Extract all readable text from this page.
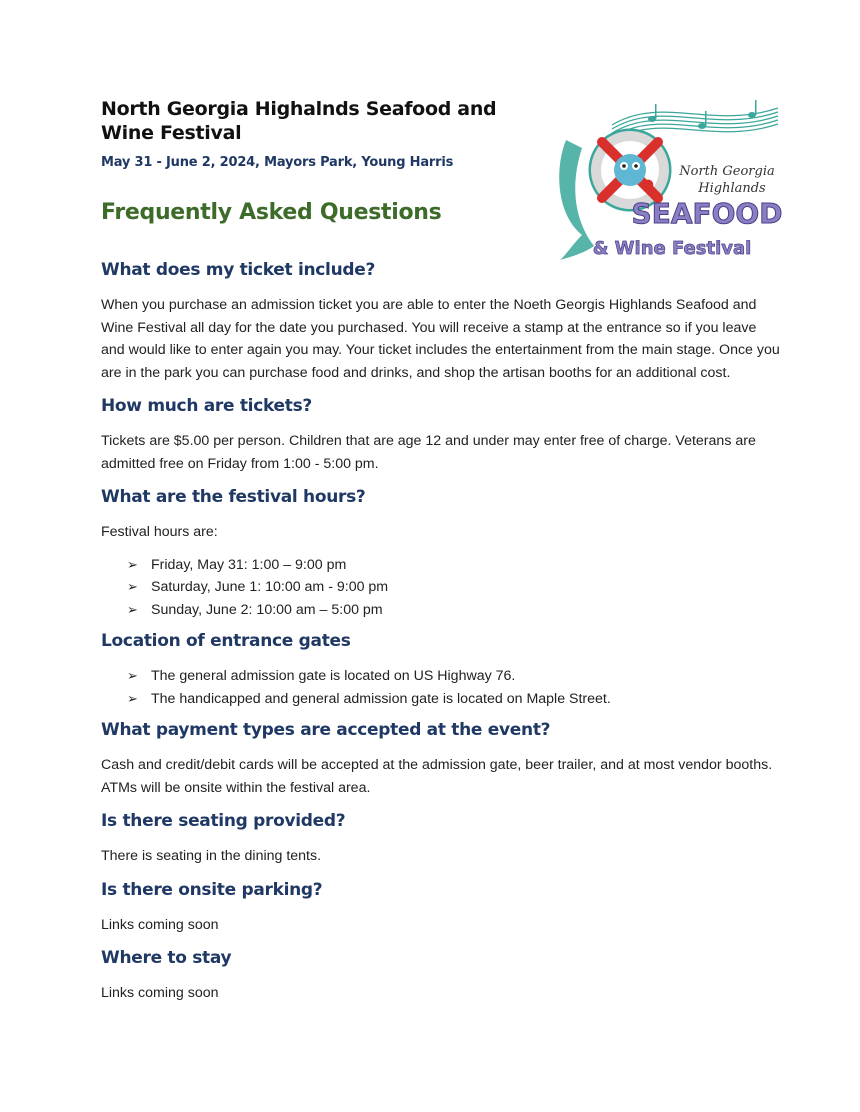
North Georgia Highalnds Seafood and Wine Festival

May 31 - June 2, 2024, Mayors Park, Young Harris

Frequently Asked Questions
North Georgia
Highlands
SEAFOOD
& Wine Festival
What does my ticket include?

When you purchase an admission ticket you are able to enter the Noeth Georgis Highlands Seafood and Wine Festival all day for the date you purchased. You will receive a stamp at the entrance so if you leave and would like to enter again you may. Your ticket includes the entertainment from the main stage. Once you are in the park you can purchase food and drinks, and shop the artisan booths for an additional cost.

How much are tickets?

Tickets are $5.00 per person. Children that are age 12 and under may enter free of charge. Veterans are admitted free on Friday from 1:00 - 5:00 pm.

What are the festival hours?

Festival hours are:

➢ Friday, May 31: 1:00 – 9:00 pm
➢ Saturday, June 1: 10:00 am - 9:00 pm
➢ Sunday, June 2: 10:00 am – 5:00 pm
Location of entrance gates
➢ The general admission gate is located on US Highway 76.
➢ The handicapped and general admission gate is located on Maple Street.
What payment types are accepted at the event?

Cash and credit/debit cards will be accepted at the admission gate, beer trailer, and at most vendor booths. ATMs will be onsite within the festival area.

Is there seating provided?

There is seating in the dining tents.

Is there onsite parking?

Links coming soon

Where to stay

Links coming soon
